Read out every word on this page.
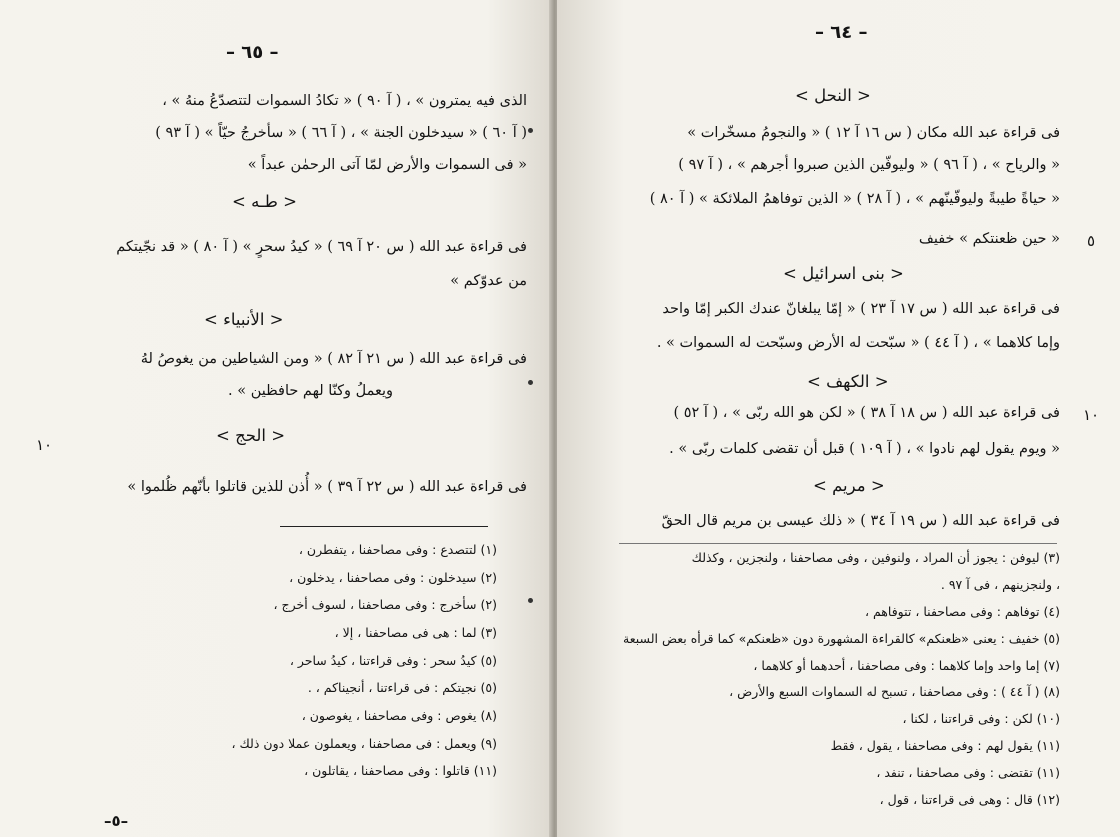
– ٦٥ –
الذى فيه يمترون » ، ( آ ٩٠ ) « تكادُ السموات لتتصدّعُ منهُ » ،
( آ ٦٠ ) « سيدخلون الجنة » ، ( آ ٦٦ ) « سأخرجُ حيّاً » ( آ ٩٣ )
« فى السموات والأرض لمّا آتى الرحمٰن عبداً »
< طـه >
فى قراءة عبد الله ( س ٢٠ آ ٦٩ ) « كيدُ سحرٍ » ( آ ٨٠ ) « قد نجّيتكم
من عدوّكم »
< الأنبياء >
فى قراءة عبد الله ( س ٢١ آ ٨٢ ) « ومن الشياطين من يغوصُ لهُ
ويعملُ وكنّا لهم حافظين » .
< الحج >
فى قراءة عبد الله ( س ٢٢ آ ٣٩ ) « أُذن للذين قاتلوا بأنّهم ظُلموا »
١٠
(١) لتتصدع : وفى مصاحفنا ، يتفطرن ،
(٢) سيدخلون : وفى مصاحفنا ، يدخلون ،
(٢) سأخرج : وفى مصاحفنا ، لسوف أخرج ،
(٣) لما : هى فى مصاحفنا ، إلا ،
(٥) كيدُ سحر : وفى قراءتنا ، كيدُ ساحر ،
(٥) نجيتكم : فى قراءتنا ، أنجيناكم ، .
(٨) يغوص : وفى مصاحفنا ، يغوصون ،
(٩) ويعمل : فى مصاحفنا ، ويعملون عملا دون ذلك ،
(١١) قاتلوا : وفى مصاحفنا ، يقاتلون ،
–٥–
– ٦٤ –
< النحل >
فى قراءة عبد الله مكان ( س ١٦ آ ١٢ ) « والنجومُ مسخّرات »
« والرياح » ، ( آ ٩٦ ) « وليوفّين الذين صبروا أجرهم » ، ( آ ٩٧ )
« حياةً طيبةً وليوفّينّهم » ، ( آ ٢٨ ) « الذين توفاهمُ الملائكة » ( آ ٨٠ )
« حين ظعنتكم » خفيف
< بنى اسرائيل >
فى قراءة عبد الله ( س ١٧ آ ٢٣ ) « إمّا يبلغانّ عندك الكبر إمّا واحد
وإما كلاهما » ، ( آ ٤٤ ) « سبّحت له الأرض وسبّحت له السموات » .
< الكهف >
فى قراءة عبد الله ( س ١٨ آ ٣٨ ) « لكن هو الله ربّى » ، ( آ ٥٢ )
« ويوم يقول لهم نادوا » ، ( آ ١٠٩ ) قبل أن تقضى كلمات ربّى » .
< مريم >
فى قراءة عبد الله ( س ١٩ آ ٣٤ ) « ذلك عيسى بن مريم قال الحقّ
٥
١٠
(٣) ليوفن : يجوز أن المراد ، ولنوفين ، وفى مصاحفنا ، ولنجزين ، وكذلك
، ولنجزينهم ، فى آ ٩٧ .
(٤) توفاهم : وفى مصاحفنا ، تتوفاهم ،
(٥) خفيف : يعنى «ظعنكم» كالقراءة المشهورة دون «ظعنكم» كما قرأه بعض السبعة
(٧) إما واحد وإما كلاهما : وفى مصاحفنا ، أحدهما أو كلاهما ،
(٨) ( آ ٤٤ ) : وفى مصاحفنا ، تسبح له السماوات السبع والأرض ،
(١٠) لكن : وفى قراءتنا ، لكنا ،
(١١) يقول لهم : وفى مصاحفنا ، يقول ، فقط
(١١) تقتضى : وفى مصاحفنا ، تنفد ،
(١٢) قال : وهى فى قراءتنا ، قول ،
